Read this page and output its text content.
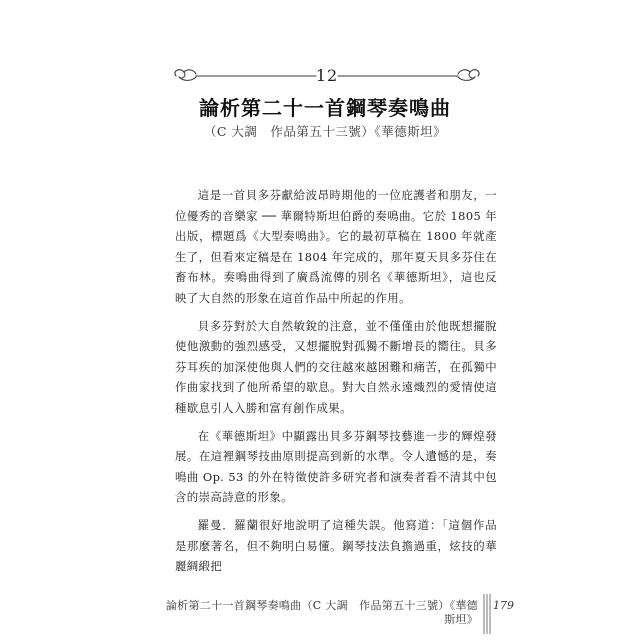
12
論析第二十一首鋼琴奏鳴曲
（C 大調　作品第五十三號）《華德斯坦》

這是一首貝多芬獻給波昂時期他的一位庇護者和朋友，一位優秀的音樂家 ── 華爾特斯坦伯爵的奏鳴曲。它於 1805 年出版，標題爲《大型奏鳴曲》。它的最初草稿在 1800 年就產生了，但看來定稿是在 1804 年完成的，那年夏天貝多芬住在畜布林。奏鳴曲得到了廣爲流傳的別名《華德斯坦》，這也反映了大自然的形象在這首作品中所起的作用。

貝多芬對於大自然敏銳的注意，並不僅僅由於他既想擺脫使他激動的強烈感受，又想擺脫對孤獨不斷增長的嚮往。貝多芬耳疾的加深使他與人們的交往越來越困難和痛苦，在孤獨中作曲家找到了他所希望的歇息。對大自然永遠熾烈的愛情使這種歇息引人入勝和富有創作成果。

在《華德斯坦》中顯露出貝多芬鋼琴技藝進一步的輝煌發展。在這裡鋼琴技曲原則提高到新的水準。令人遺憾的是，奏鳴曲 Op. 53 的外在特徵使許多研究者和演奏者看不清其中包含的崇高詩意的形象。

羅曼．羅蘭很好地說明了這種失誤。他寫道：「這個作品是那麼著名，但不夠明白易懂。鋼琴技法負擔過重，炫技的華麗綢緞把

論析第二十一首鋼琴奏鳴曲（C 大調　作品第五十三號）《華德斯坦》
179
